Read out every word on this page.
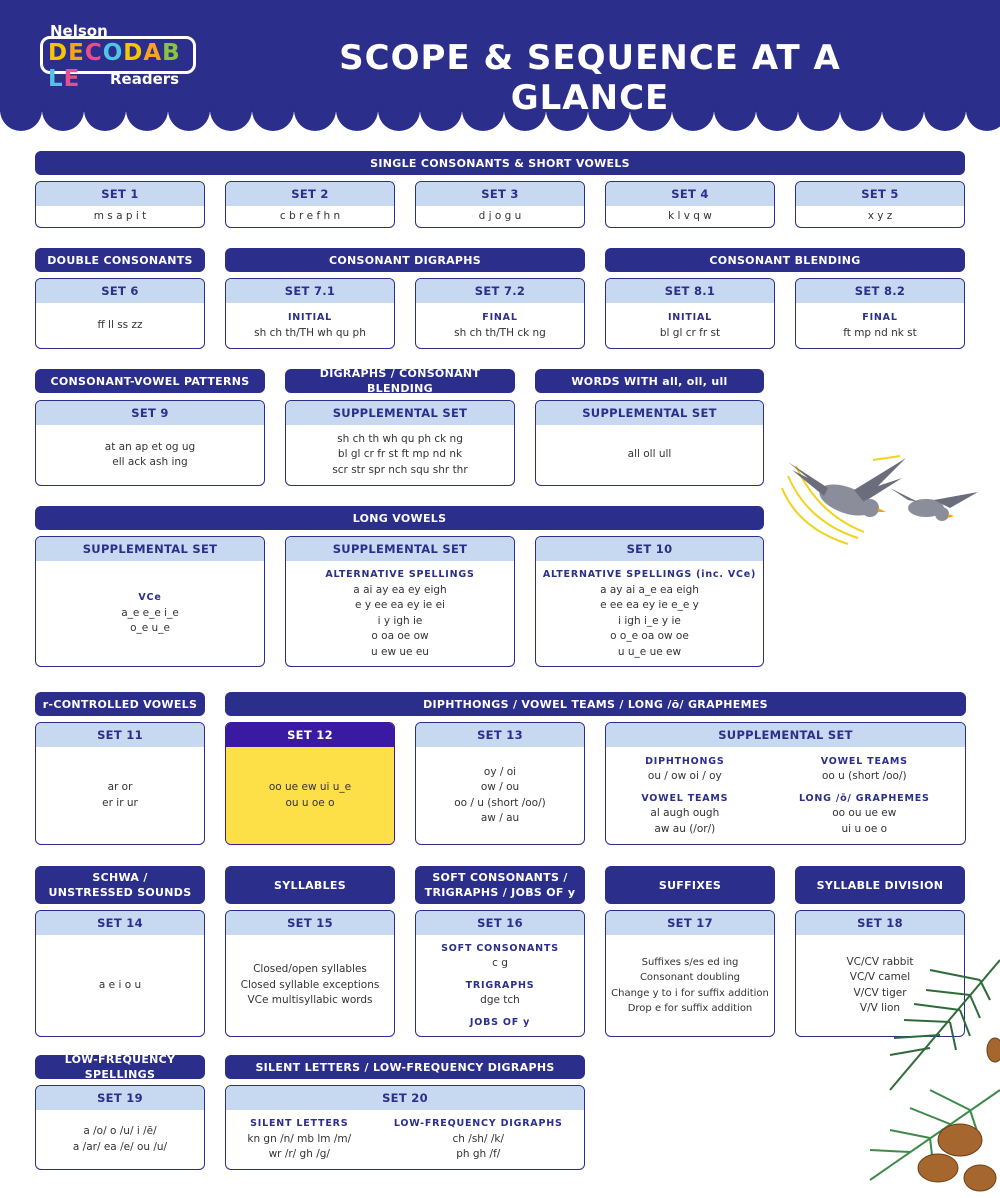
Nelson
DECODABLE	Readers
SCOPE & SEQUENCE AT A GLANCE
SINGLE CONSONANTS & SHORT VOWELS
SET 1
m s a p i t
SET 2
c b r e f h n
SET 3
d j o g u
SET 4
k l v q w
SET 5
x y z
DOUBLE CONSONANTS	CONSONANT DIGRAPHS	CONSONANT BLENDING
SET 6
ff ll ss zz
SET 7.1
INITIAL
sh ch th/TH wh qu ph
SET 7.2
FINAL
sh ch th/TH ck ng
SET 8.1
INITIAL
bl gl cr fr st
SET 8.2
FINAL
ft mp nd nk st
CONSONANT-VOWEL PATTERNS
DIGRAPHS / CONSONANT BLENDING
WORDS WITH all, oll, ull
SET 9
at an ap et og ug
ell ack ash ing
SUPPLEMENTAL SET
sh ch th wh qu ph ck ng
bl gl cr fr st ft mp nd nk
scr str spr nch squ shr thr
SUPPLEMENTAL SET
all oll ull
LONG VOWELS
SUPPLEMENTAL SET
VCe
a_e e_e i_e
o_e u_e
SUPPLEMENTAL SET
ALTERNATIVE SPELLINGS
a ai ay ea ey eigh
e y ee ea ey ie ei
i y igh ie
o oa oe ow
u ew ue eu
SET 10
ALTERNATIVE SPELLINGS (inc. VCe)
a ay ai a_e ea eigh
e ee ea ey ie e_e y
i igh i_e y ie
o o_e oa ow oe
u u_e ue ew
r-CONTROLLED VOWELS	DIPHTHONGS / VOWEL TEAMS / LONG /ō/ GRAPHEMES
SET 11
ar or
er ir ur
SET 12
oo ue ew ui u_e
ou u oe o
SET 13
oy / oi
ow / ou
oo / u (short /oo/)
aw / au
SUPPLEMENTAL SET
DIPHTHONGS
ou / ow oi / oy
VOWEL TEAMS
al augh ough
aw au (/or/)
VOWEL TEAMS
oo u (short /oo/)
LONG /ō/ GRAPHEMES
oo ou ue ew
ui u oe o
SCHWA /
UNSTRESSED SOUNDS
SYLLABLES
SOFT CONSONANTS /
TRIGRAPHS / JOBS OF y
SUFFIXES	SYLLABLE DIVISION
SET 14
a e i o u
SET 15
Closed/open syllables
Closed syllable exceptions
VCe multisyllabic words
SET 16
SOFT CONSONANTS
c g
TRIGRAPHS
dge tch
JOBS OF y
SET 17
Suffixes s/es ed ing
Consonant doubling
Change y to i for suffix addition
Drop e for suffix addition
SET 18
VC/CV rabbit
VC/V camel
V/CV tiger
V/V lion
LOW-FREQUENCY SPELLINGS
SILENT LETTERS / LOW-FREQUENCY DIGRAPHS
SET 19
a /o/ o /u/ i /ē/
a /ar/ ea /e/ ou /u/
SET 20
SILENT LETTERS
kn gn /n/ mb lm /m/
wr /r/ gh /g/
LOW-FREQUENCY DIGRAPHS
ch /sh/ /k/
ph gh /f/
